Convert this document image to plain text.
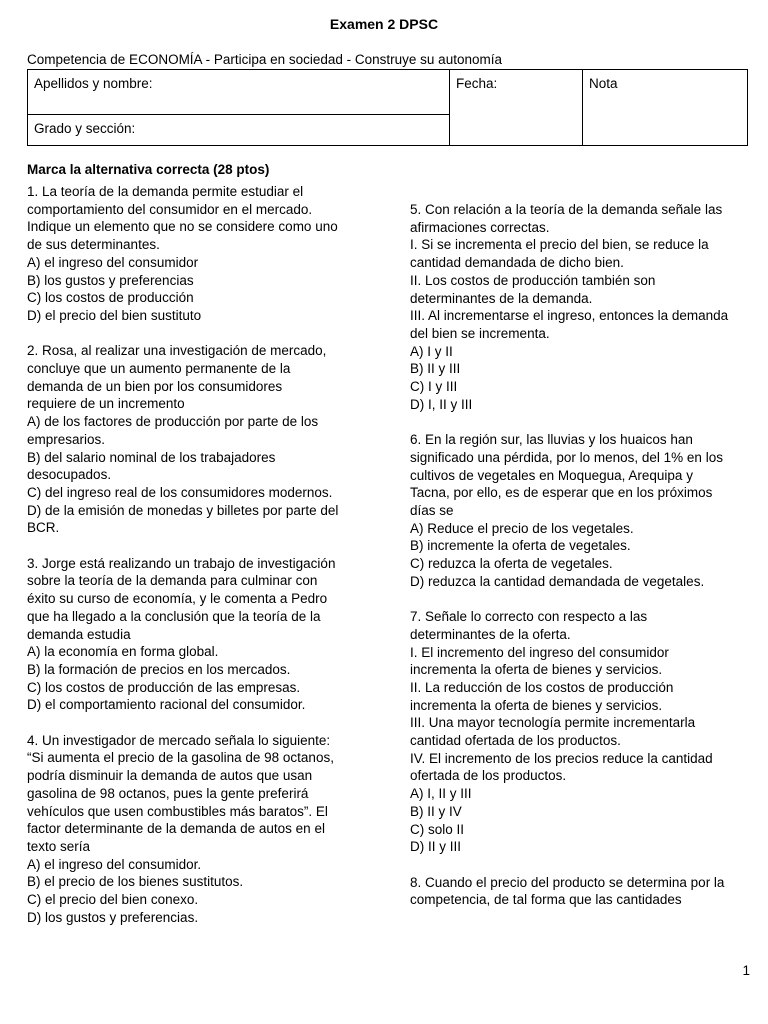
Examen 2 DPSC
Competencia de ECONOMÍA - Participa en sociedad - Construye su autonomía
Apellidos y nombre:	Fecha:	Nota
Grado y sección:
Marca la alternativa correcta (28 ptos)
1. La teoría de la demanda permite estudiar el
comportamiento del consumidor en el mercado.
Indique un elemento que no se considere como uno
de sus determinantes.
A) el ingreso del consumidor
B) los gustos y preferencias
C) los costos de producción
D) el precio del bien sustituto
2. Rosa, al realizar una investigación de mercado,
concluye que un aumento permanente de la
demanda de un bien por los consumidores
requiere de un incremento
A) de los factores de producción por parte de los
empresarios.
B) del salario nominal de los trabajadores
desocupados.
C) del ingreso real de los consumidores modernos.
D) de la emisión de monedas y billetes por parte del
BCR.
3. Jorge está realizando un trabajo de investigación
sobre la teoría de la demanda para culminar con
éxito su curso de economía, y le comenta a Pedro
que ha llegado a la conclusión que la teoría de la
demanda estudia
A) la economía en forma global.
B) la formación de precios en los mercados.
C) los costos de producción de las empresas.
D) el comportamiento racional del consumidor.
4. Un investigador de mercado señala lo siguiente:
“Si aumenta el precio de la gasolina de 98 octanos,
podría disminuir la demanda de autos que usan
gasolina de 98 octanos, pues la gente preferirá
vehículos que usen combustibles más baratos”. El
factor determinante de la demanda de autos en el
texto sería
A) el ingreso del consumidor.
B) el precio de los bienes sustitutos.
C) el precio del bien conexo.
D) los gustos y preferencias.
5. Con relación a la teoría de la demanda señale las
afirmaciones correctas.
I. Si se incrementa el precio del bien, se reduce la
cantidad demandada de dicho bien.
II. Los costos de producción también son
determinantes de la demanda.
III. Al incrementarse el ingreso, entonces la demanda
del bien se incrementa.
A) I y II
B) II y III
C) I y III
D) I, II y III
6. En la región sur, las lluvias y los huaicos han
significado una pérdida, por lo menos, del 1% en los
cultivos de vegetales en Moquegua, Arequipa y
Tacna, por ello, es de esperar que en los próximos
días se
A) Reduce el precio de los vegetales.
B) incremente la oferta de vegetales.
C) reduzca la oferta de vegetales.
D) reduzca la cantidad demandada de vegetales.
7. Señale lo correcto con respecto a las
determinantes de la oferta.
I. El incremento del ingreso del consumidor
incrementa la oferta de bienes y servicios.
II. La reducción de los costos de producción
incrementa la oferta de bienes y servicios.
III. Una mayor tecnología permite incrementarla
cantidad ofertada de los productos.
IV. El incremento de los precios reduce la cantidad
ofertada de los productos.
A) I, II y III
B) II y IV
C) solo II
D) II y III
8. Cuando el precio del producto se determina por la
competencia, de tal forma que las cantidades
1
